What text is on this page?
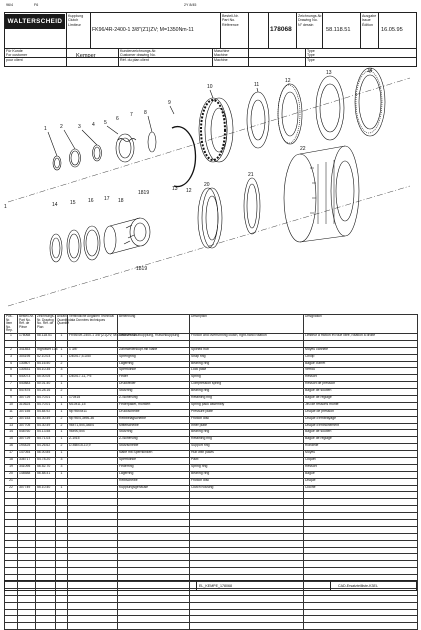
96/4	F6	2Y 8/45
WALTERSCHEID
Kupplung
Clutch
Limiteur
FK96/4R-2400-1 3/8"(Z1)ZV; M=1350Nm-11
Bestell-Nr.
Part No.
Référence
178068
Zeichnungs-Nr.
Drawing No.
N° dessin
58.118.51
Ausgabe
Issue
Édition
16.05.95
Für Kunde
For customer
pour client
Kemper
Kundenzeichnungs-Nr.
Customer drawing No.
Réf. du plan client
Maschine
Machine
Machine
Type
Type
Type
1	2	3 4 5
6
7 8
9
10	11
12
13	14
1	14 15 16 17 18
1819
13 12
20
21
22
1819
Pos.-Nr. Item No. Rep.	Bestell-Nr. Part No. Réf. de Pièce	Zeichnungs-Nr. Drawing No. Réf. de Plan	Anzahl Quantity Quantité	Verbindliche Angaben Technical data Données techniques	Benennung	Description	Désignation
1	178068	58.118.51	1	FK96/4R-2400-1 3/8"(Z1)ZV; M=1350Nm-11	Reib-/Freilaufkupplung, Rutschkupplung	Friction and overrunning clutch, right-hand rotation	Limiteur à friction et roue libre, rotation à droite

2	341853	Ingrosset 138	1	1 3/8"	Zahnwellenkupf.mit Nabe	Splined hub	Moyeu cannelé
3	304195	52.10.03	1	D40x17,5-D50	Sprengring	Snap ring	Circlip
4	130807	54.16.50	2		Lagerring	Bearing ring	Bague d'arrêt
5	130531	54.10.35	3		Sperrklinke	Lock pawl	Verrou
6	540073	55.00.05	3	D40x17-11,7*5	Feder	Spring	Ressort
7	540883	50.01.40	1		Druckfeder	Compression spring	Ressort de pression
8	547875	54.28.16	2		Stützring	Bearing ring	Bague de soutien
9	307729	54.70.01	1	170x15	Z-Sicherung	Retaining ring	Bague de réglage
10	310624	54.70.01	1	M10x11,15	Federpaket, montiert	Spring pack assembly	Jeu de ressorts monté
11	307155	54.84.92	1	Np 96x4x11	Druckscheibe	Pressure plate	Disque de pression
12	307153	54.30.49	2	Np 96/4,3x96-36	Reibbelagscheibe	Friction disc	Disque d'embrayage
13	307705	54.30.49	2	96x71,5x4,3x8/4	Mittelscheibe	Inner plate	Disque d'entraînement
14	548760	54.13.58	1	96x90,5x4	Stützring	Bearing ring	Bague de soutien
15	307729	54.71.03	1	Z-1x15	Z-Sicherung	Retaining ring	Bague de réglage
16	194425	54.26.62	2	D-M8x15-10,9	Stützscheibe	Support ring	Rondelle
17	147054	56.00.85	1		Nabe mit Sperrklinken	Hub with pawls	Moyeu
18	336717	54.78.20	3		Sperrklinke	Pawl	Cliquet
19	341095	56.52.70	3		Federring	Spring ring	Ressort
20	148588	56.88.41	1		Lagerring	Bearing ring	Bague
21					Reibscheibe	Friction disc	Disque
22	307749	55.10.40	1		Kupplungsgehäuse	Clutch housing	Cloche

EL_KEMPE_178068	CAD-Ersatzteilliste-K3EL
